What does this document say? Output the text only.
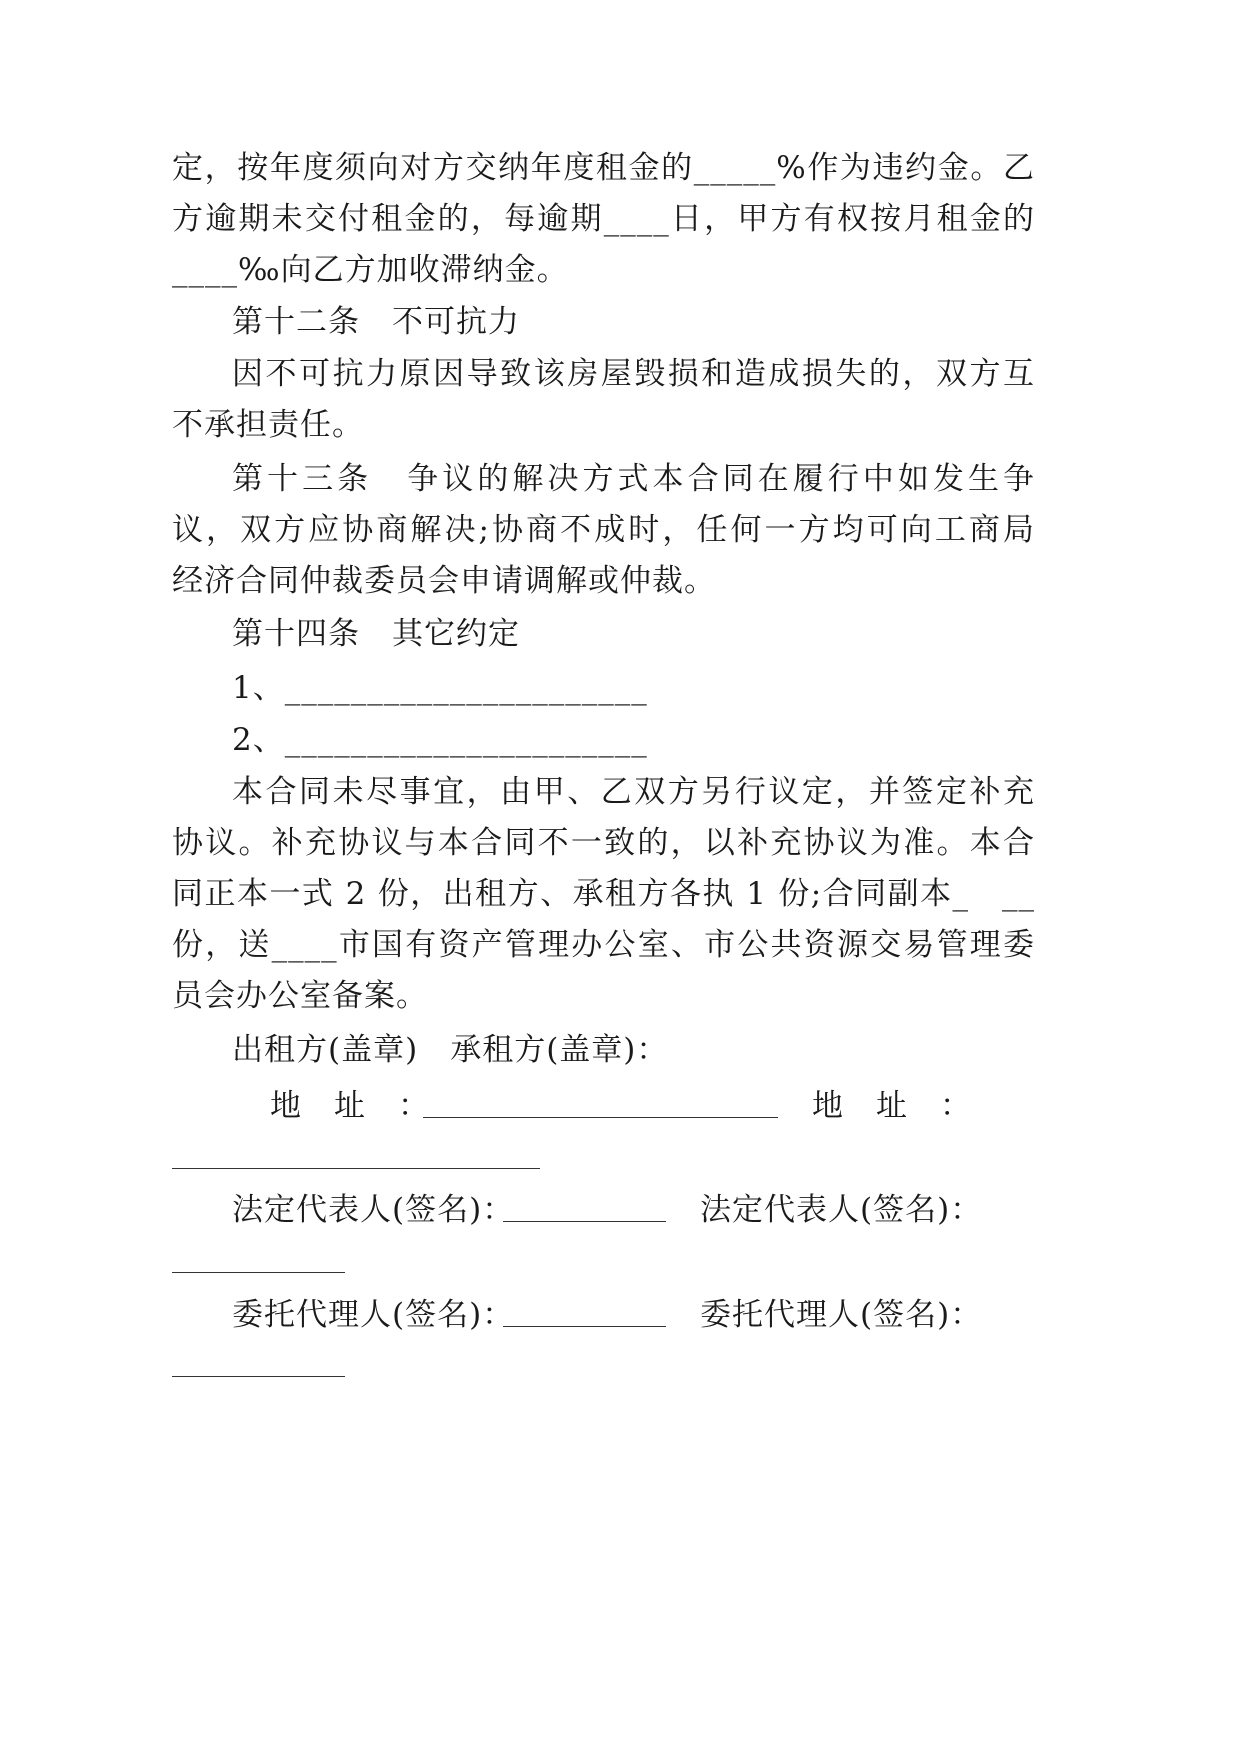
定，按年度须向对方交纳年度租金的_____%作为违约金。乙
方逾期未交付租金的，每逾期____日，甲方有权按月租金的
____‰向乙方加收滞纳金。
第十二条　不可抗力
因不可抗力原因导致该房屋毁损和造成损失的，双方互
不承担责任。
第十三条　争议的解决方式本合同在履行中如发生争
议，双方应协商解决;协商不成时，任何一方均可向工商局
经济合同仲裁委员会申请调解或仲裁。
第十四条　其它约定
1、______________________
2、______________________
本合同未尽事宜，由甲、乙双方另行议定，并签定补充
协议。补充协议与本合同不一致的，以补充协议为准。本合
同正本一式 2 份，出租方、承租方各执 1 份;合同副本_　__
份，送____市国有资产管理办公室、市公共资源交易管理委
员会办公室备案。
出租方(盖章)　承租方(盖章)：
地　址　：	地　址　：
法定代表人(签名)：	法定代表人(签名)：
委托代理人(签名)：	委托代理人(签名)：
